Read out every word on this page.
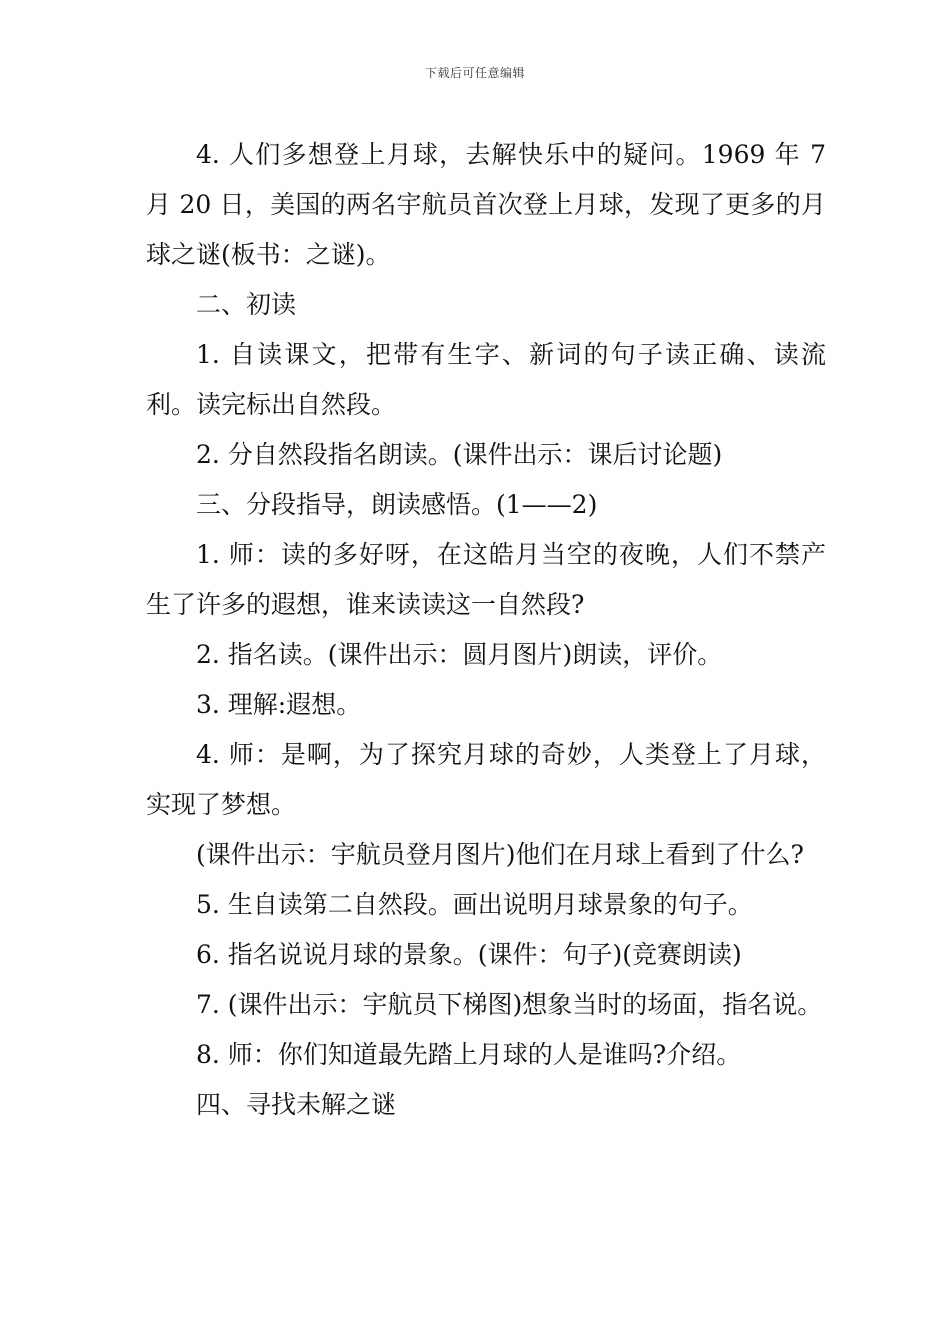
下载后可任意编辑

4. 人们多想登上月球，去解快乐中的疑问。1969 年 7 月 20 日，美国的两名宇航员首次登上月球，发现了更多的月球之谜(板书：之谜)。

二、初读

1. 自读课文，把带有生字、新词的句子读正确、读流利。读完标出自然段。

2. 分自然段指名朗读。(课件出示：课后讨论题)

三、分段指导，朗读感悟。(1——2)

1. 师：读的多好呀，在这皓月当空的夜晚，人们不禁产生了许多的遐想，谁来读读这一自然段?

2. 指名读。(课件出示：圆月图片)朗读，评价。

3. 理解:遐想。

4. 师：是啊，为了探究月球的奇妙，人类登上了月球，实现了梦想。

(课件出示：宇航员登月图片)他们在月球上看到了什么?

5. 生自读第二自然段。画出说明月球景象的句子。

6. 指名说说月球的景象。(课件：句子)(竞赛朗读)

7. (课件出示：宇航员下梯图)想象当时的场面，指名说。

8. 师：你们知道最先踏上月球的人是谁吗?介绍。

四、寻找未解之谜
